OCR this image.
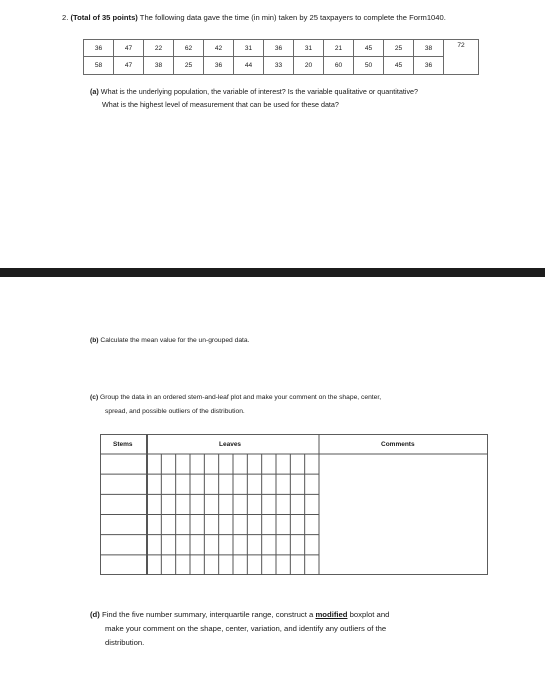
2. (Total of 35 points) The following data gave the time (in min) taken by 25 taxpayers to complete the Form1040.
36	47	22	62	42	31	36	31	21	45	25	38	72
58	47	38	25	36	44	33	20	60	50	45	36	
(a) What is the underlying population, the variable of interest? Is the variable qualitative or quantitative?
What is the highest level of measurement that can be used for these data?
(b) Calculate the mean value for the un-grouped data.
(c) Group the data in an ordered stem-and-leaf plot and make your comment on the shape, center,
spread, and possible outliers of the distribution.
Stems	Leaves	Comments
(d) Find the five number summary, interquartile range, construct a modified boxplot and
make your comment on the shape, center, variation, and identify any outliers of the
distribution.
